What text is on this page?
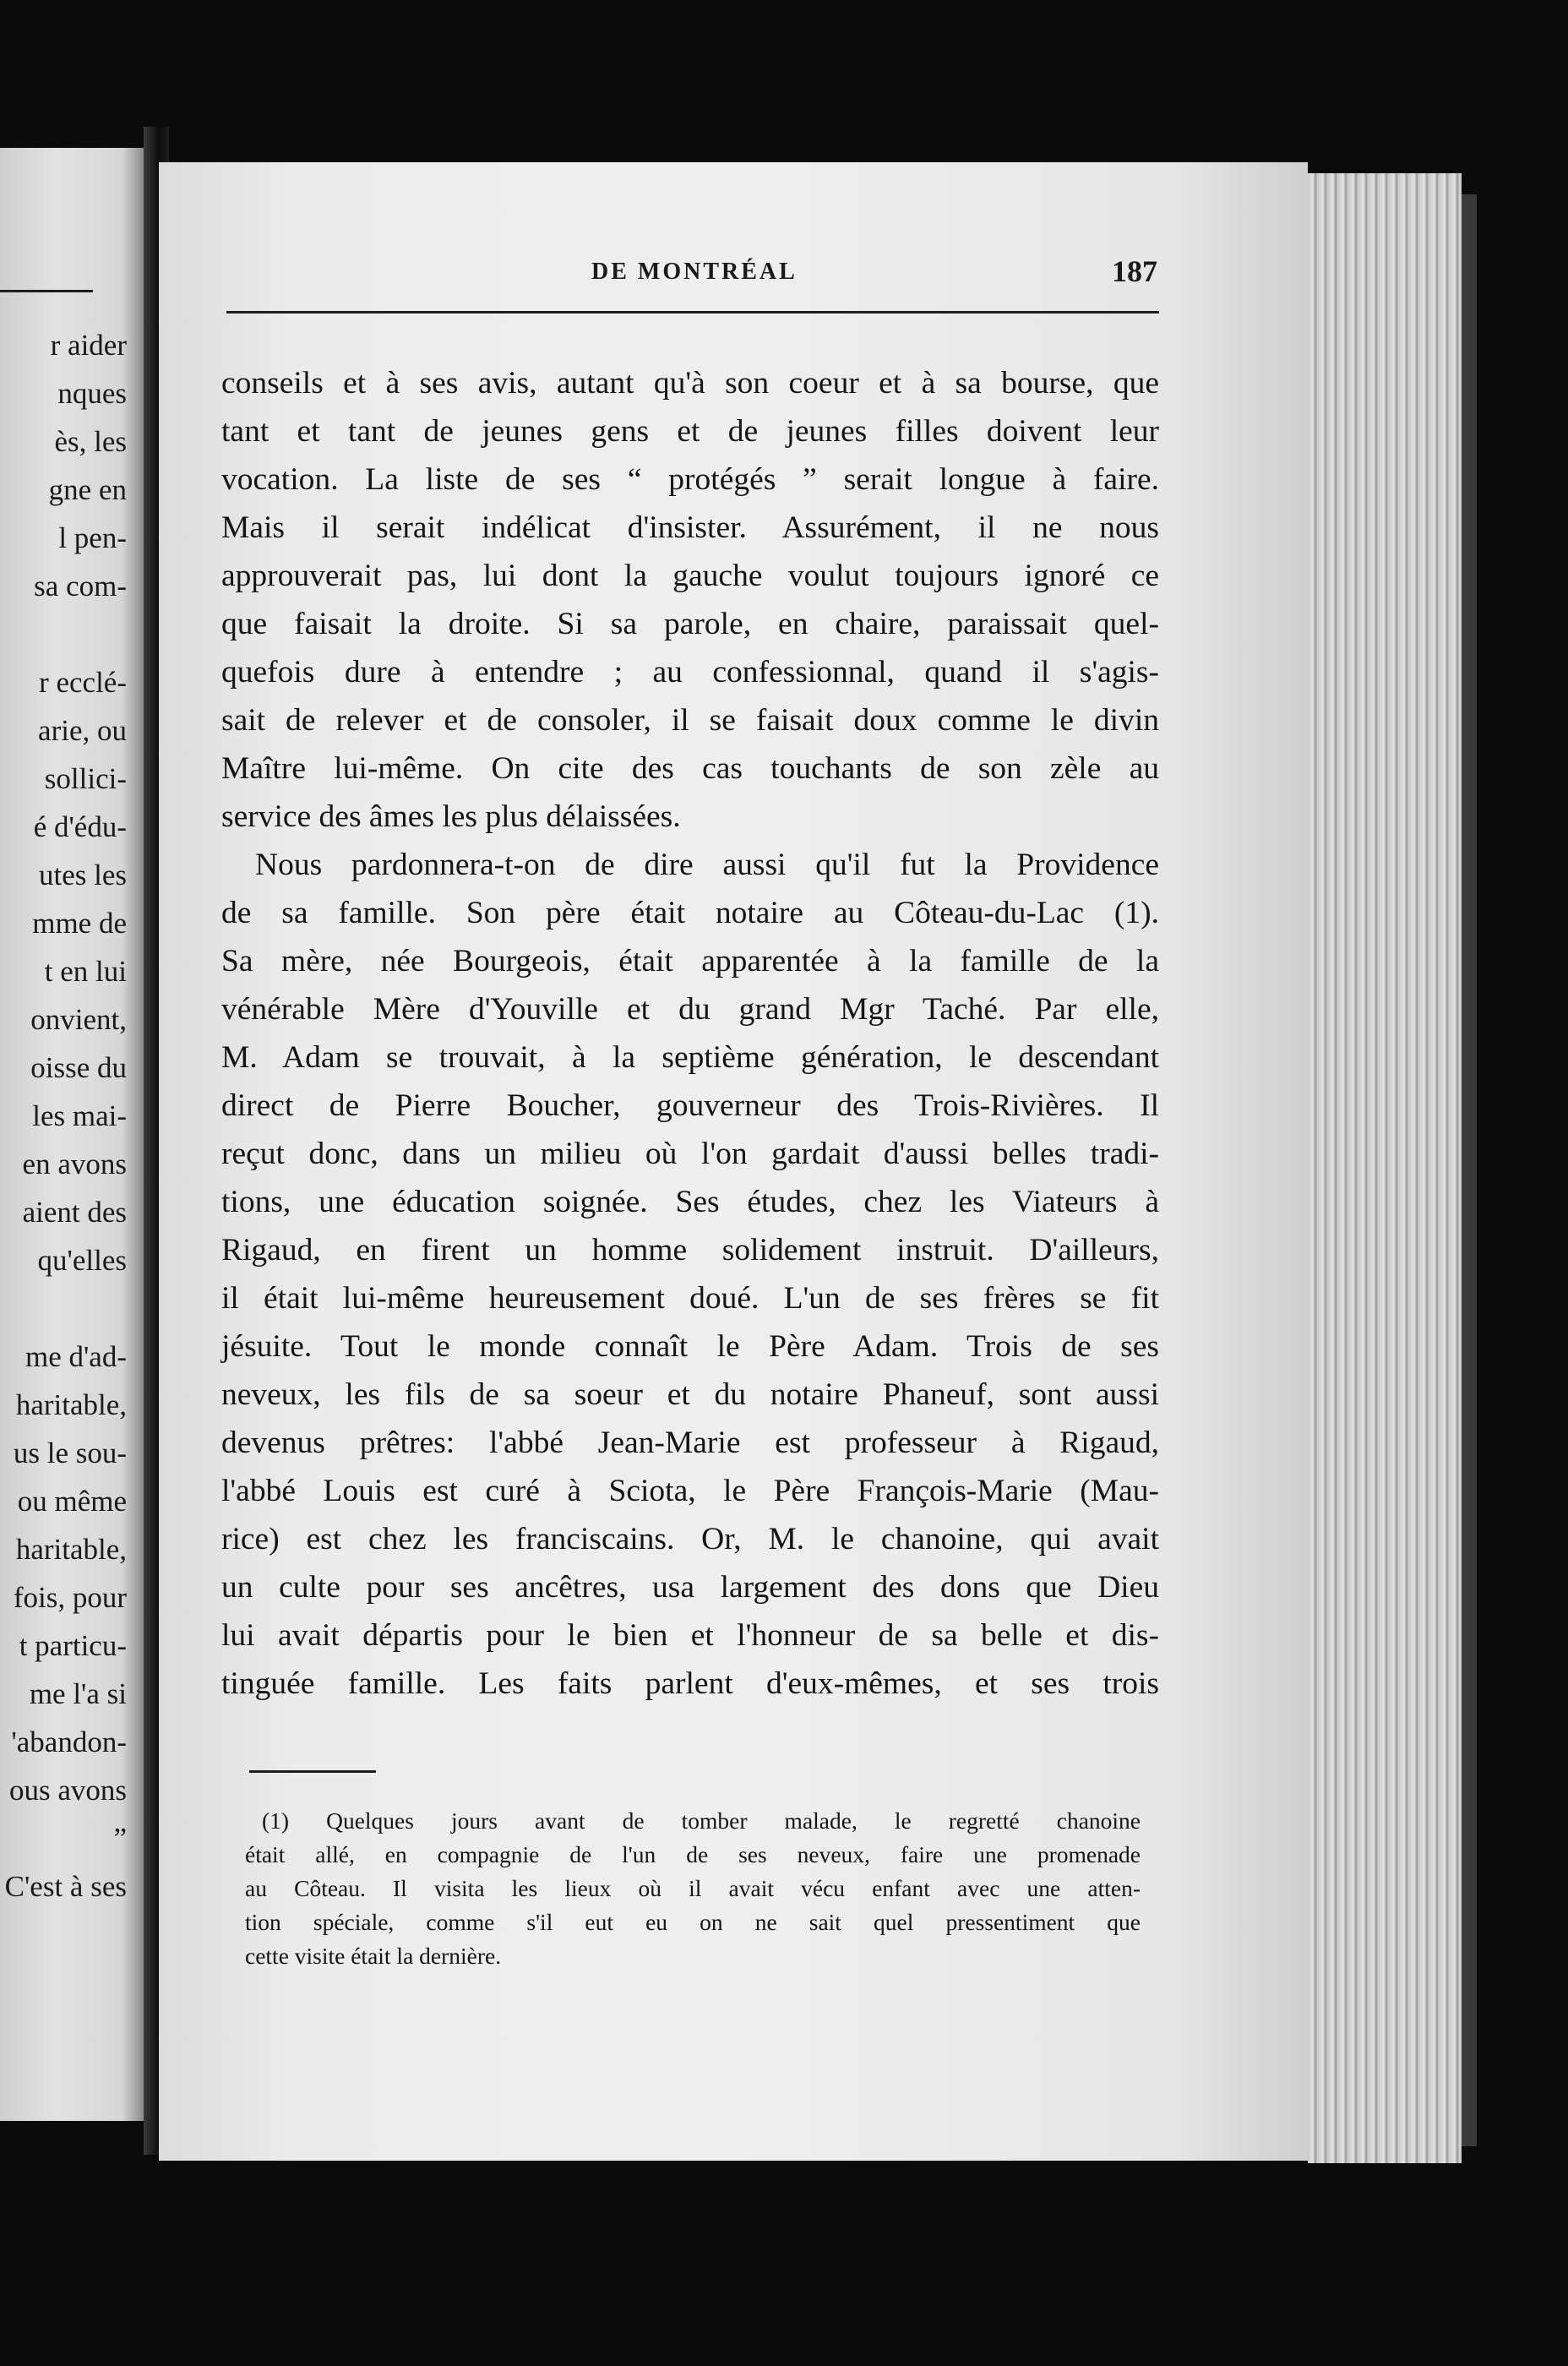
r aider
nques
ès, les
gne en
l pen-
sa com-

r ecclé-
arie, ou
sollici-
é d'édu-
utes les
mme de
t en lui
onvient,
oisse du
les mai-
en avons
aient des
qu'elles

me d'ad-
haritable,
us le sou-
ou même
haritable,
fois, pour
t particu-
me l'a si
'abandon-
ous avons
”
C'est à ses
DE MONTRÉAL	187
conseils et à ses avis, autant qu'à son coeur et à sa bourse, que
tant et tant de jeunes gens et de jeunes filles doivent leur
vocation. La liste de ses “ protégés ” serait longue à faire.
Mais il serait indélicat d'insister. Assurément, il ne nous
approuverait pas, lui dont la gauche voulut toujours ignoré ce
que faisait la droite. Si sa parole, en chaire, paraissait quel-
quefois dure à entendre ; au confessionnal, quand il s'agis-
sait de relever et de consoler, il se faisait doux comme le divin
Maître lui-même. On cite des cas touchants de son zèle au
service des âmes les plus délaissées.
Nous pardonnera-t-on de dire aussi qu'il fut la Providence
de sa famille. Son père était notaire au Côteau-du-Lac (1).
Sa mère, née Bourgeois, était apparentée à la famille de la
vénérable Mère d'Youville et du grand Mgr Taché. Par elle,
M. Adam se trouvait, à la septième génération, le descendant
direct de Pierre Boucher, gouverneur des Trois-Rivières. Il
reçut donc, dans un milieu où l'on gardait d'aussi belles tradi-
tions, une éducation soignée. Ses études, chez les Viateurs à
Rigaud, en firent un homme solidement instruit. D'ailleurs,
il était lui-même heureusement doué. L'un de ses frères se fit
jésuite. Tout le monde connaît le Père Adam. Trois de ses
neveux, les fils de sa soeur et du notaire Phaneuf, sont aussi
devenus prêtres: l'abbé Jean-Marie est professeur à Rigaud,
l'abbé Louis est curé à Sciota, le Père François-Marie (Mau-
rice) est chez les franciscains. Or, M. le chanoine, qui avait
un culte pour ses ancêtres, usa largement des dons que Dieu
lui avait départis pour le bien et l'honneur de sa belle et dis-
tinguée famille. Les faits parlent d'eux-mêmes, et ses trois
(1) Quelques jours avant de tomber malade, le regretté chanoine
était allé, en compagnie de l'un de ses neveux, faire une promenade
au Côteau. Il visita les lieux où il avait vécu enfant avec une atten-
tion spéciale, comme s'il eut eu on ne sait quel pressentiment que
cette visite était la dernière.
